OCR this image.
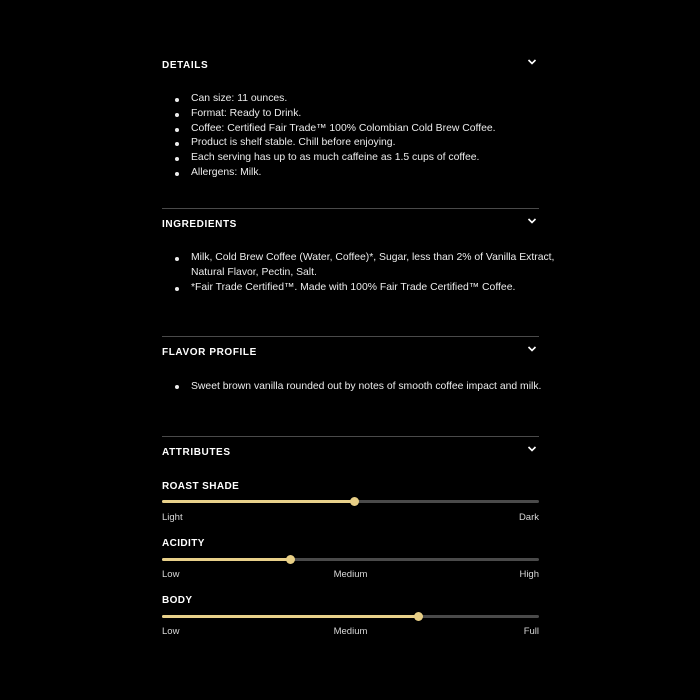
DETAILS
Can size: 11 ounces.
Format: Ready to Drink.
Coffee: Certified Fair Trade™ 100% Colombian Cold Brew Coffee.
Product is shelf stable. Chill before enjoying.
Each serving has up to as much caffeine as 1.5 cups of coffee.
Allergens: Milk.
INGREDIENTS
Milk, Cold Brew Coffee (Water, Coffee)*, Sugar, less than 2% of Vanilla Extract, Natural Flavor, Pectin, Salt.
*Fair Trade Certified™. Made with 100% Fair Trade Certified™ Coffee.
FLAVOR PROFILE
Sweet brown vanilla rounded out by notes of smooth coffee impact and milk.
ATTRIBUTES
ROAST SHADE
Light	Dark
ACIDITY
Low	Medium	High
BODY
Low	Medium	Full
